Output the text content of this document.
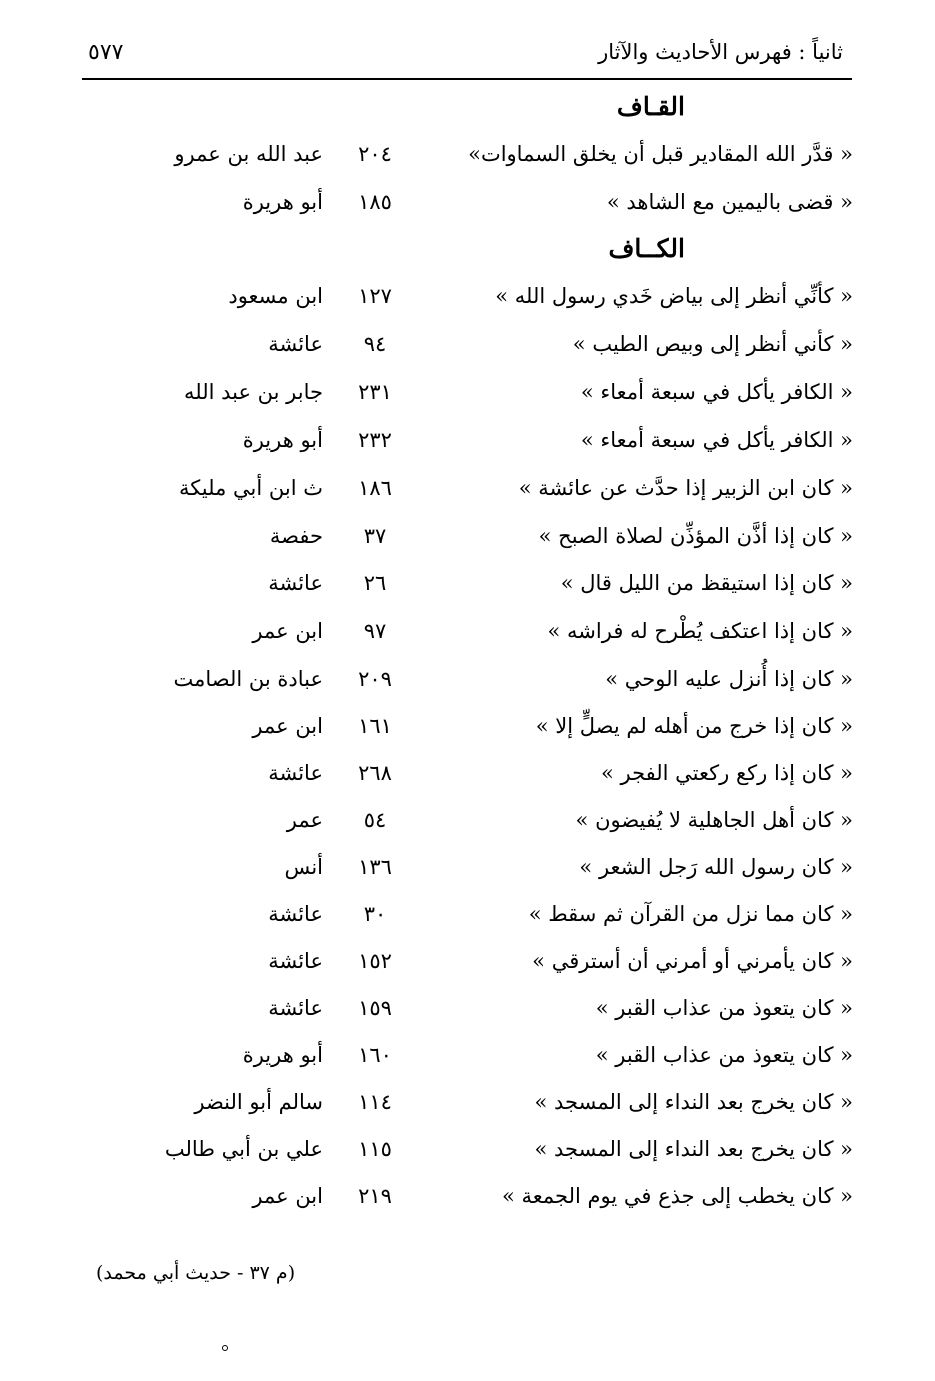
ثانياً : فهرس الأحاديث والآثار
٥٧٧
القـاف
« قدَّر الله المقادير قبل أن يخلق السماوات»
٢٠٤
عبد الله بن عمرو
« قضى باليمين مع الشاهد »
١٨٥
أبو هريرة
الكــاف
« كأنِّي أنظر إلى بياض خَدي رسول الله »
١٢٧
ابن مسعود
« كأني أنظر إلى وبيص الطيب »
٩٤
عائشة
« الكافر يأكل في سبعة أمعاء »
٢٣١
جابر بن عبد الله
« الكافر يأكل في سبعة أمعاء »
٢٣٢
أبو هريرة
« كان ابن الزبير إذا حدَّث عن عائشة »
١٨٦
ث ابن أبي مليكة
« كان إذا أذَّن المؤذِّن لصلاة الصبح »
٣٧
حفصة
« كان إذا استيقظ من الليل قال »
٢٦
عائشة
« كان إذا اعتكف يُطْرح له فراشه »
٩٧
ابن عمر
« كان إذا أُنزل عليه الوحي »
٢٠٩
عبادة بن الصامت
« كان إذا خرج من أهله لم يصلٍّ إلا »
١٦١
ابن عمر
« كان إذا ركع ركعتي الفجر »
٢٦٨
عائشة
« كان أهل الجاهلية لا يُفيضون »
٥٤
عمر
« كان رسول الله رَجل الشعر »
١٣٦
أنس
« كان مما نزل من القرآن ثم سقط »
٣٠
عائشة
« كان يأمرني أو أمرني أن أسترقي »
١٥٢
عائشة
« كان يتعوذ من عذاب القبر »
١٥٩
عائشة
« كان يتعوذ من عذاب القبر »
١٦٠
أبو هريرة
« كان يخرج بعد النداء إلى المسجد »
١١٤
سالم أبو النضر
« كان يخرج بعد النداء إلى المسجد »
١١٥
علي بن أبي طالب
« كان يخطب إلى جذع في يوم الجمعة »
٢١٩
ابن عمر
(م ٣٧ - حديث أبي محمد)
